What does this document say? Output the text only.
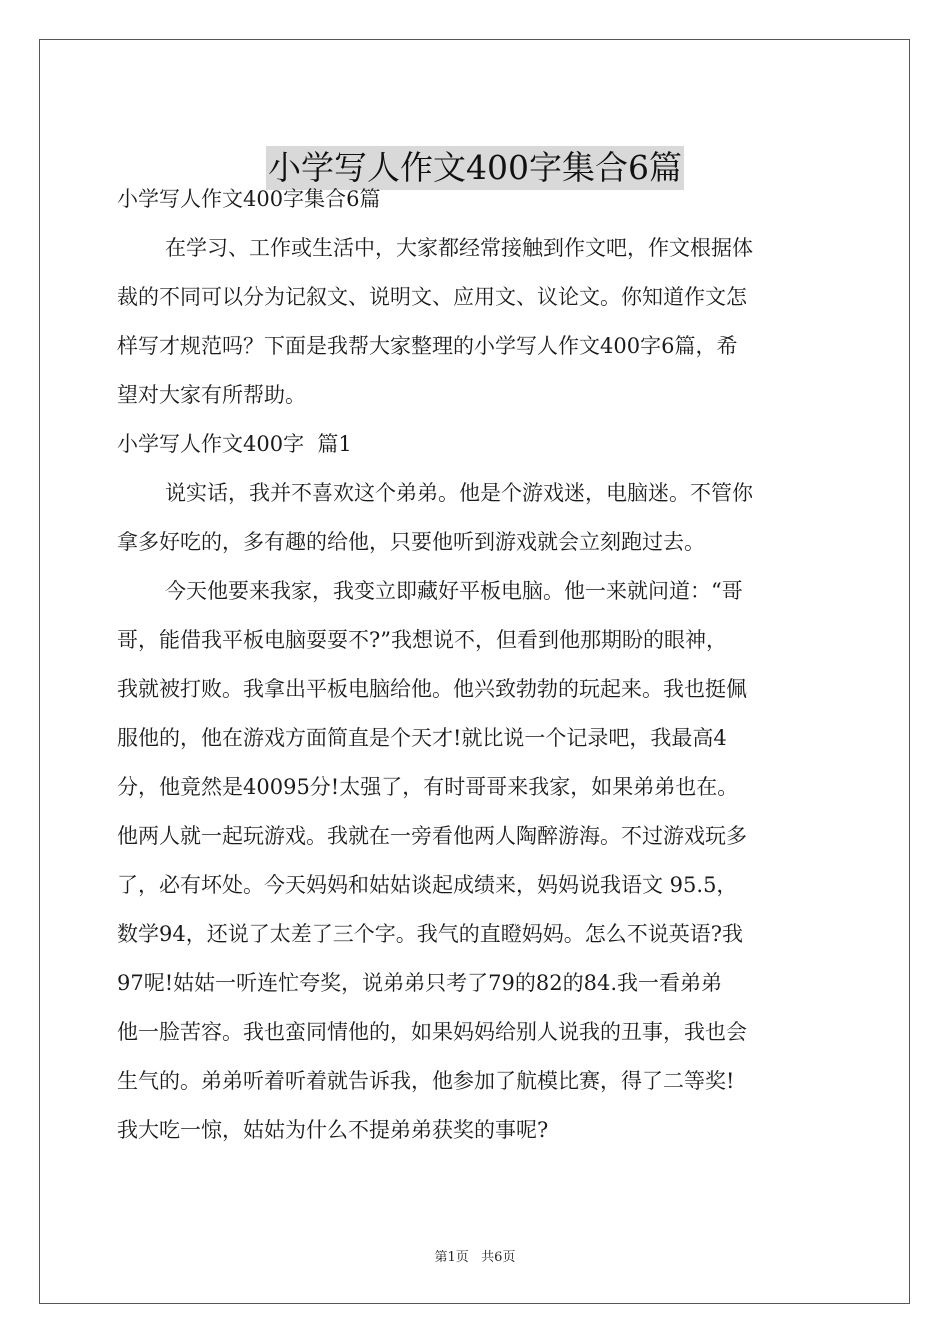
小学写人作文400字集合6篇
小学写人作文400字集合6篇
在学习、工作或生活中，大家都经常接触到作文吧，作文根据体
裁的不同可以分为记叙文、说明文、应用文、议论文。你知道作文怎
样写才规范吗？下面是我帮大家整理的小学写人作文400字6篇，希
望对大家有所帮助。
小学写人作文400字  篇1
说实话，我并不喜欢这个弟弟。他是个游戏迷，电脑迷。不管你
拿多好吃的，多有趣的给他，只要他听到游戏就会立刻跑过去。
今天他要来我家，我变立即藏好平板电脑。他一来就问道：“哥
哥，能借我平板电脑耍耍不?”我想说不，但看到他那期盼的眼神，
我就被打败。我拿出平板电脑给他。他兴致勃勃的玩起来。我也挺佩
服他的，他在游戏方面简直是个天才!就比说一个记录吧，我最高4
分，他竟然是40095分!太强了，有时哥哥来我家，如果弟弟也在。
他两人就一起玩游戏。我就在一旁看他两人陶醉游海。不过游戏玩多
了，必有坏处。今天妈妈和姑姑谈起成绩来，妈妈说我语文 95.5，
数学94，还说了太差了三个字。我气的直瞪妈妈。怎么不说英语?我
97呢!姑姑一听连忙夸奖，说弟弟只考了79的82的84.我一看弟弟
他一脸苦容。我也蛮同情他的，如果妈妈给别人说我的丑事，我也会
生气的。弟弟听着听着就告诉我，他参加了航模比赛，得了二等奖!
我大吃一惊，姑姑为什么不提弟弟获奖的事呢?
第1页   共6页
